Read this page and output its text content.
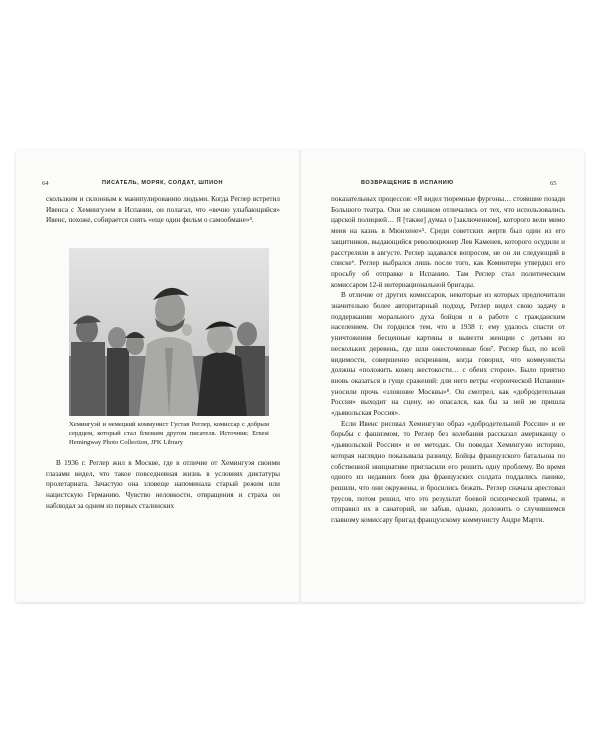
64	ПИСАТЕЛЬ, МОРЯК, СОЛДАТ, ШПИОН

скользким и склонным к манипулированию людьми. Когда Реглер встретил Ивенса с Хемингуэем в Испании, он полагал, что «вечно улыбающийся» Ивенс, похоже, собирается снять «еще один фильм о самообмане»⁴.

Хемингуэй и немецкий коммунист Густав Реглер, комиссар с добрым сердцем, который стал близким другом писателя. Источник: Ernest Hemingway Photo Collection, JFK Library

В 1936 г. Реглер жил в Москве, где в отличие от Хемингуэя своими глазами видел, что такое повседневная жизнь в условиях диктатуры пролетариата. Зачастую она зловеще напоминала старый режим или нацистскую Германию. Чувство неловкости, отвращения и страха он наблюдал за одним из первых сталинских

ВОЗВРАЩЕНИЕ В ИСПАНИЮ	65

показательных процессов: «Я видел тюремные фургоны… стоявшие позади Большого театра. Они не слишком отличались от тех, что использовались царской полицией… Я [также] думал о [заключенном], которого вели мимо меня на казнь в Мюнхене»⁵. Среди советских жертв был один из его защитников, выдающийся революционер Лев Каменев, которого осудили и расстреляли в августе. Реглер задавался вопросом, не он ли следующий в списке⁶. Реглер выбрался лишь после того, как Коминтерн утвердил его просьбу об отправке в Испанию. Там Реглер стал политическим комиссаром 12-й интернациональной бригады.

В отличие от других комиссаров, некоторые из которых предпочитали значительно более авторитарный подход, Реглер видел свою задачу в поддержании морального духа бойцов и в работе с гражданским населением. Он гордился тем, что в 1938 г. ему удалось спасти от уничтожения бесценные картины и вывезти женщин с детьми из нескольких деревень, где шли ожесточенные бои⁷. Реглер был, по всей видимости, совершенно искренним, когда говорил, что коммунисты должны «положить конец жестокости… с обеих сторон». Было приятно вновь оказаться в гуще сражений: для него ветры «героической Испании» уносили прочь «зловоние Москвы»⁸. Он смотрел, как «добродетельная Россия» выходит на сцену, но опасался, как бы за ней не пришла «дьявольская Россия».

Если Ивенс рисовал Хемингуэю образ «добродетельной России» и ее борьбы с фашизмом, то Реглер без колебания рассказал американцу о «дьявольской России» и ее методах. Он поведал Хемингуэю историю, которая наглядно показывала разницу. Бойцы французского батальона по собственной инициативе пригласили его решить одну проблему. Во время одного из недавних боев два французских солдата поддались панике, решили, что они окружены, и бросились бежать. Реглер сначала арестовал трусов, потом решил, что это результат боевой психической травмы, и отправил их в санаторий, не забыв, однако, доложить о случившемся главному комиссару бригад французскому коммунисту Андре Марти.
